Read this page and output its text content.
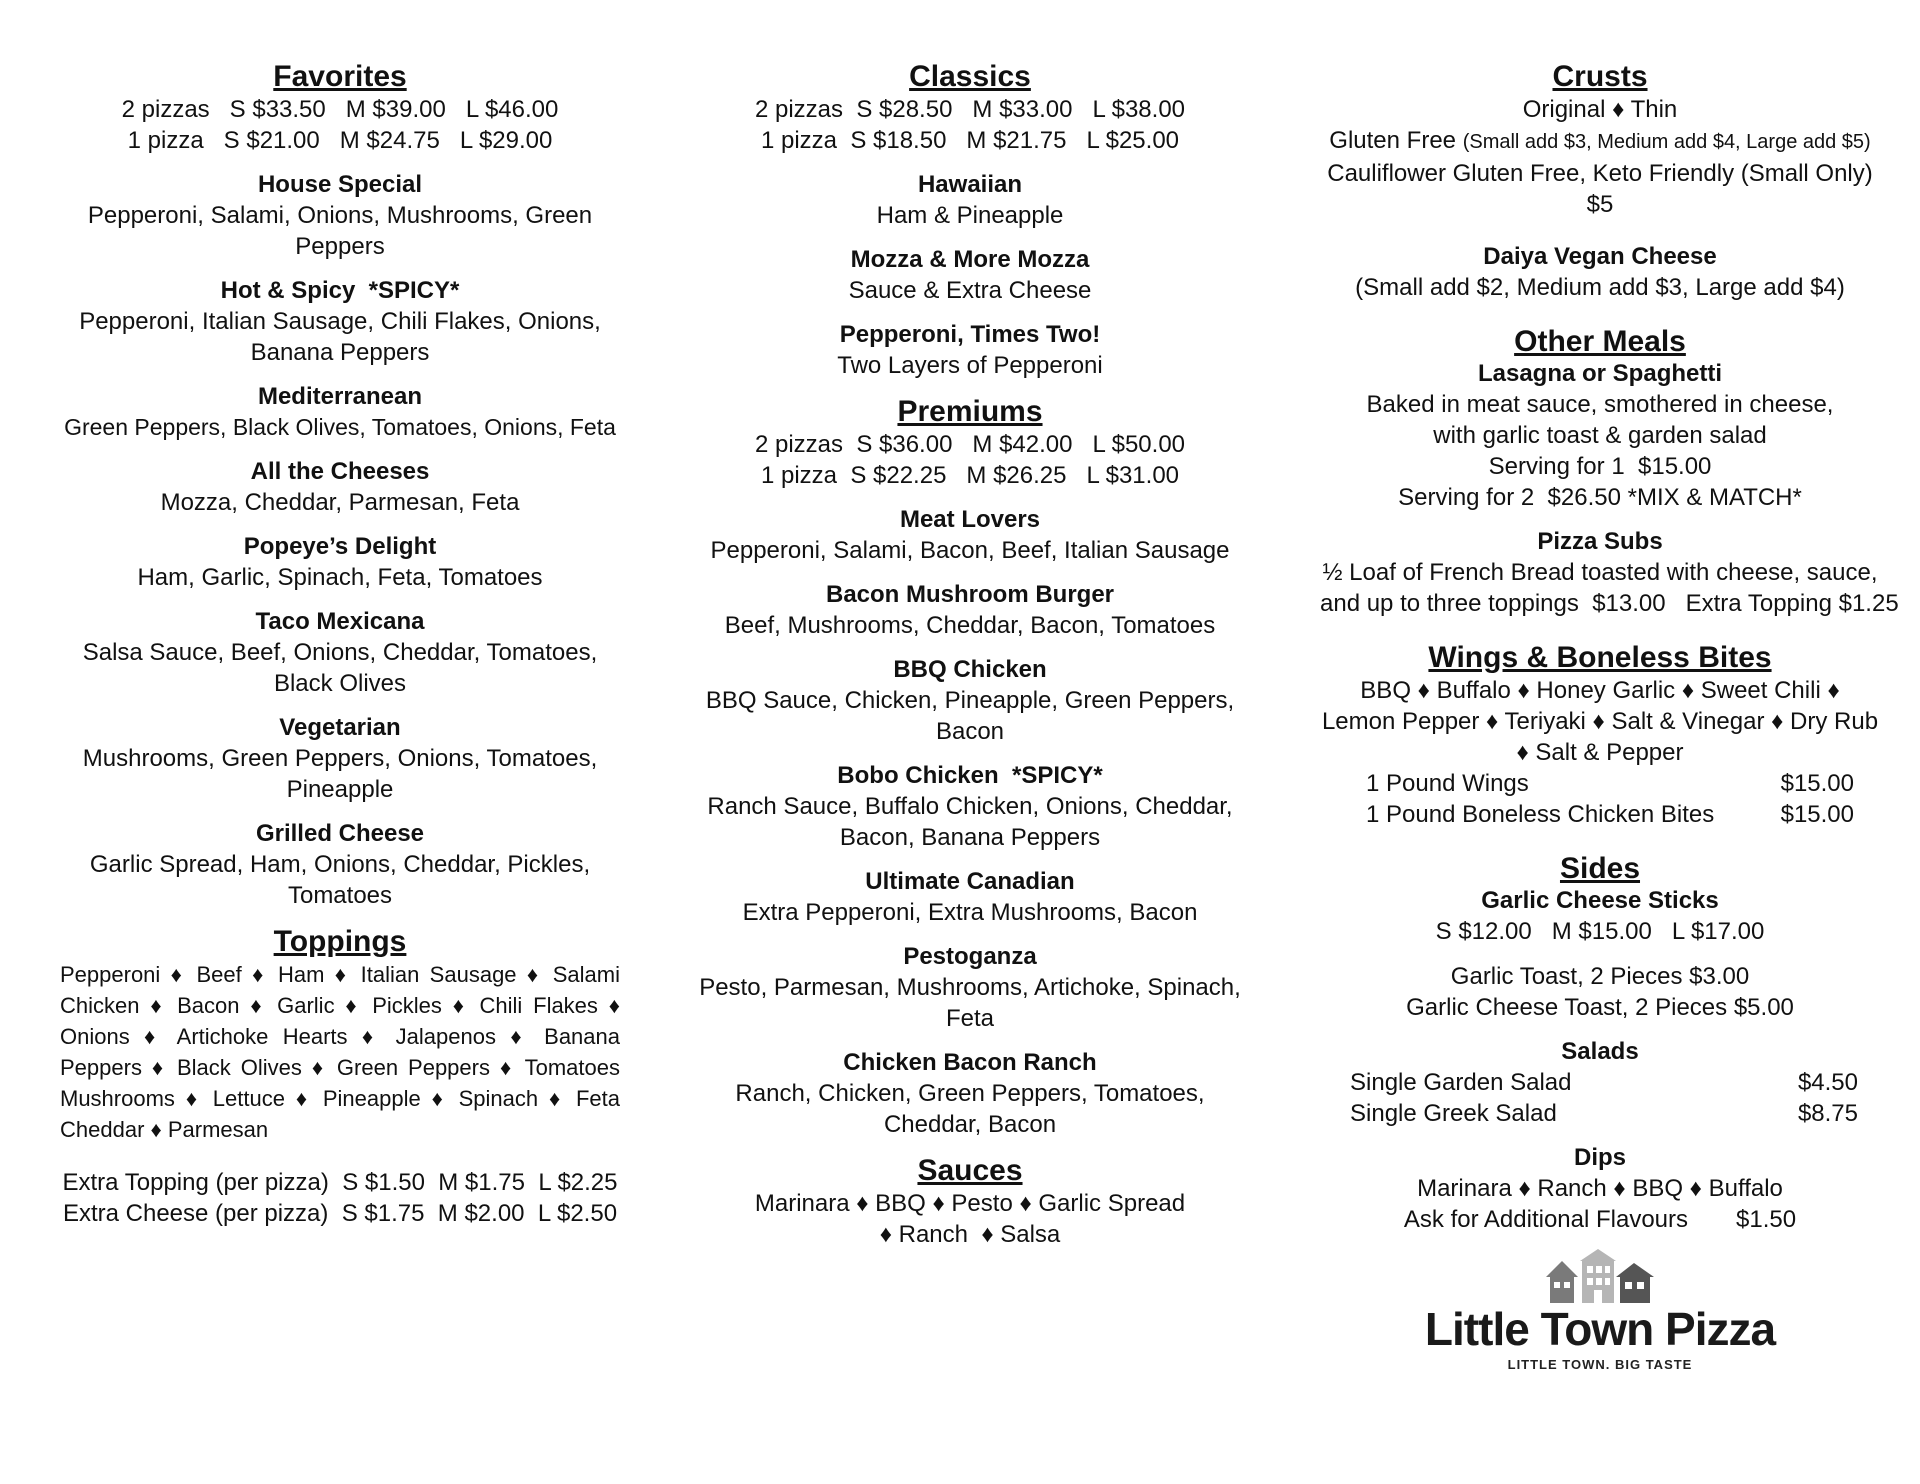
Favorites
2 pizzas   S $33.50   M $39.00   L $46.00
1 pizza   S $21.00   M $24.75   L $29.00
House Special
Pepperoni, Salami, Onions, Mushrooms, Green Peppers
Hot & Spicy  *SPICY*
Pepperoni, Italian Sausage, Chili Flakes, Onions, Banana Peppers
Mediterranean
Green Peppers, Black Olives, Tomatoes, Onions, Feta
All the Cheeses
Mozza, Cheddar, Parmesan, Feta
Popeye’s Delight
Ham, Garlic, Spinach, Feta, Tomatoes
Taco Mexicana
Salsa Sauce, Beef, Onions, Cheddar, Tomatoes, Black Olives
Vegetarian
Mushrooms, Green Peppers, Onions, Tomatoes, Pineapple
Grilled Cheese
Garlic Spread, Ham, Onions, Cheddar, Pickles, Tomatoes
Toppings
Pepperoni ♦ Beef ♦ Ham ♦ Italian Sausage ♦ Salami Chicken ♦ Bacon ♦ Garlic ♦ Pickles ♦ Chili Flakes ♦ Onions ♦ Artichoke Hearts ♦ Jalapenos ♦ Banana Peppers ♦ Black Olives ♦ Green Peppers ♦ Tomatoes Mushrooms ♦ Lettuce ♦ Pineapple ♦ Spinach ♦ Feta Cheddar ♦ Parmesan
Extra Topping (per pizza)  S $1.50  M $1.75  L $2.25
Extra Cheese (per pizza)  S $1.75  M $2.00  L $2.50
Classics
2 pizzas  S $28.50   M $33.00   L $38.00
1 pizza  S $18.50   M $21.75   L $25.00
Hawaiian
Ham & Pineapple
Mozza & More Mozza
Sauce & Extra Cheese
Pepperoni, Times Two!
Two Layers of Pepperoni
Premiums
2 pizzas  S $36.00   M $42.00   L $50.00
1 pizza  S $22.25   M $26.25   L $31.00
Meat Lovers
Pepperoni, Salami, Bacon, Beef, Italian Sausage
Bacon Mushroom Burger
Beef, Mushrooms, Cheddar, Bacon, Tomatoes
BBQ Chicken
BBQ Sauce, Chicken, Pineapple, Green Peppers, Bacon
Bobo Chicken  *SPICY*
Ranch Sauce, Buffalo Chicken, Onions, Cheddar, Bacon, Banana Peppers
Ultimate Canadian
Extra Pepperoni, Extra Mushrooms, Bacon
Pestoganza
Pesto, Parmesan, Mushrooms, Artichoke, Spinach, Feta
Chicken Bacon Ranch
Ranch, Chicken, Green Peppers, Tomatoes, Cheddar, Bacon
Sauces
Marinara ♦ BBQ ♦ Pesto ♦ Garlic Spread
♦ Ranch  ♦ Salsa
Crusts
Original ♦ Thin
Gluten Free (Small add $3, Medium add $4, Large add $5)
Cauliflower Gluten Free, Keto Friendly (Small Only) $5
Daiya Vegan Cheese
(Small add $2, Medium add $3, Large add $4)
Other Meals
Lasagna or Spaghetti
Baked in meat sauce, smothered in cheese,
with garlic toast & garden salad
Serving for 1  $15.00
Serving for 2  $26.50 *MIX & MATCH*
Pizza Subs
½ Loaf of French Bread toasted with cheese, sauce,
and up to three toppings  $13.00   Extra Topping $1.25
Wings & Boneless Bites
BBQ ♦ Buffalo ♦ Honey Garlic ♦ Sweet Chili ♦
Lemon Pepper ♦ Teriyaki ♦ Salt & Vinegar ♦ Dry Rub
♦ Salt & Pepper
1 Pound Wings	$15.00
1 Pound Boneless Chicken Bites	$15.00
Sides
Garlic Cheese Sticks
S $12.00   M $15.00   L $17.00
Garlic Toast, 2 Pieces $3.00
Garlic Cheese Toast, 2 Pieces $5.00
Salads
Single Garden Salad	$4.50
Single Greek Salad	$8.75
Dips
Marinara ♦ Ranch ♦ BBQ ♦ Buffalo
Ask for Additional Flavours $1.50
Little Town Pizza
LITTLE TOWN. BIG TASTE
